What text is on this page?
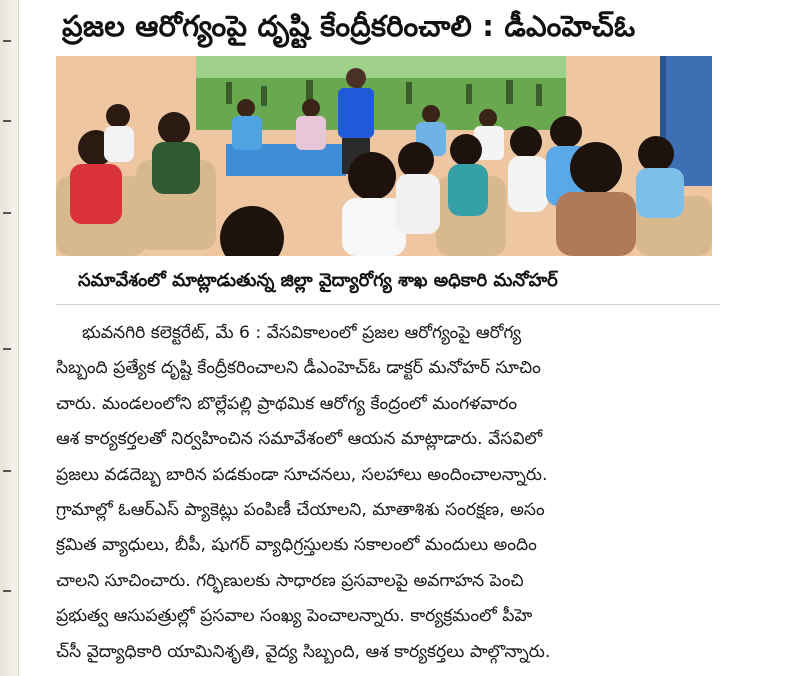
ప్రజల ఆరోగ్యంపై దృష్టి కేంద్రీకరించాలి : డీఎంహెచ్ఓ
సమావేశంలో మాట్లాడుతున్న జిల్లా వైద్యారోగ్య శాఖ అధికారి మనోహర్
భువనగిరి కలెక్టరేట్, మే 6 : వేసవికాలంలో ప్రజల ఆరోగ్యంపై ఆరోగ్య
సిబ్బంది ప్రత్యేక దృష్టి కేంద్రీకరించాలని డీఎంహెచ్ఓ డాక్టర్ మనోహర్ సూచిం
చారు. మండలంలోని బొల్లేపల్లి ప్రాథమిక ఆరోగ్య కేంద్రంలో మంగళవారం
ఆశ కార్యకర్తలతో నిర్వహించిన సమావేశంలో ఆయన మాట్లాడారు. వేసవిలో
ప్రజలు వడదెబ్బ బారిన పడకుండా సూచనలు, సలహాలు అందించాలన్నారు.
గ్రామాల్లో ఓఆర్ఎస్ ప్యాకెట్లు పంపిణీ చేయాలని, మాతాశిశు సంరక్షణ, అసం
క్రమిత వ్యాధులు, బీపీ, షుగర్ వ్యాధిగ్రస్తులకు సకాలంలో మందులు అందిం
చాలని సూచించారు. గర్భిణులకు సాధారణ ప్రసవాలపై అవగాహన పెంచి
ప్రభుత్వ ఆసుపత్రుల్లో ప్రసవాల సంఖ్య పెంచాలన్నారు. కార్యక్రమంలో పీహె
చ్‌సీ వైద్యాధికారి యామినిశృతి, వైద్య సిబ్బంది, ఆశ కార్యకర్తలు పాల్గొన్నారు.
